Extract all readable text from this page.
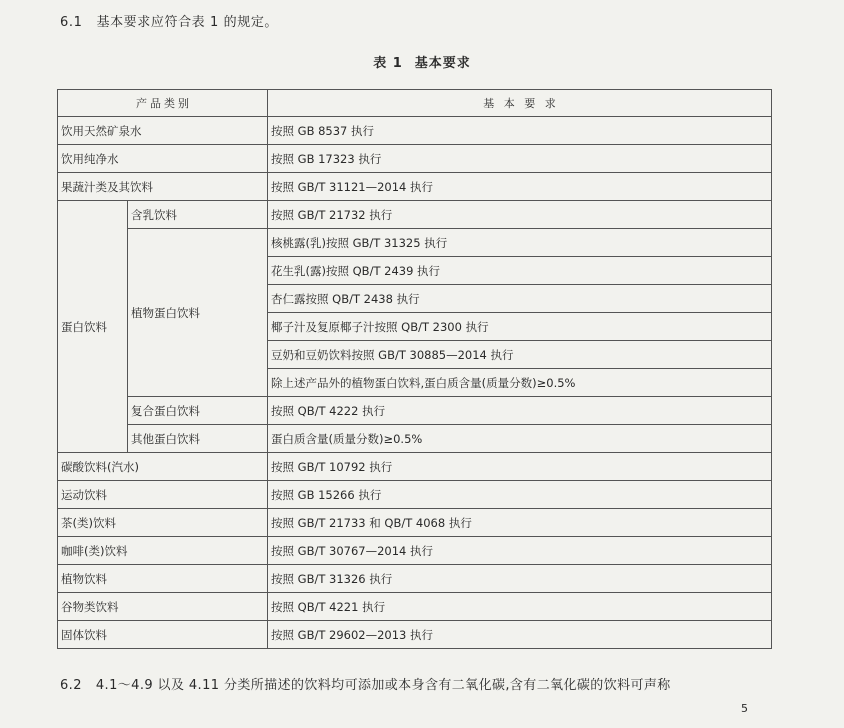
6.1 基本要求应符合表 1 的规定。
表 1 基本要求
产品类别		基 本 要 求
饮用天然矿泉水		按照 GB 8537 执行
饮用纯净水		按照 GB 17323 执行
果蔬汁类及其饮料		按照 GB/T 31121—2014 执行
蛋白饮料	含乳饮料	按照 GB/T 21732 执行
	植物蛋白饮料	核桃露(乳)按照 GB/T 31325 执行
		花生乳(露)按照 QB/T 2439 执行
		杏仁露按照 QB/T 2438 执行
		椰子汁及复原椰子汁按照 QB/T 2300 执行
		豆奶和豆奶饮料按照 GB/T 30885—2014 执行
		除上述产品外的植物蛋白饮料,蛋白质含量(质量分数)≥0.5%
	复合蛋白饮料	按照 QB/T 4222 执行
	其他蛋白饮料	蛋白质含量(质量分数)≥0.5%
碳酸饮料(汽水)		按照 GB/T 10792 执行
运动饮料		按照 GB 15266 执行
茶(类)饮料		按照 GB/T 21733 和 QB/T 4068 执行
咖啡(类)饮料		按照 GB/T 30767—2014 执行
植物饮料		按照 GB/T 31326 执行
谷物类饮料		按照 QB/T 4221 执行
固体饮料		按照 GB/T 29602—2013 执行
6.2 4.1～4.9 以及 4.11 分类所描述的饮料均可添加或本身含有二氧化碳,含有二氧化碳的饮料可声称
5
